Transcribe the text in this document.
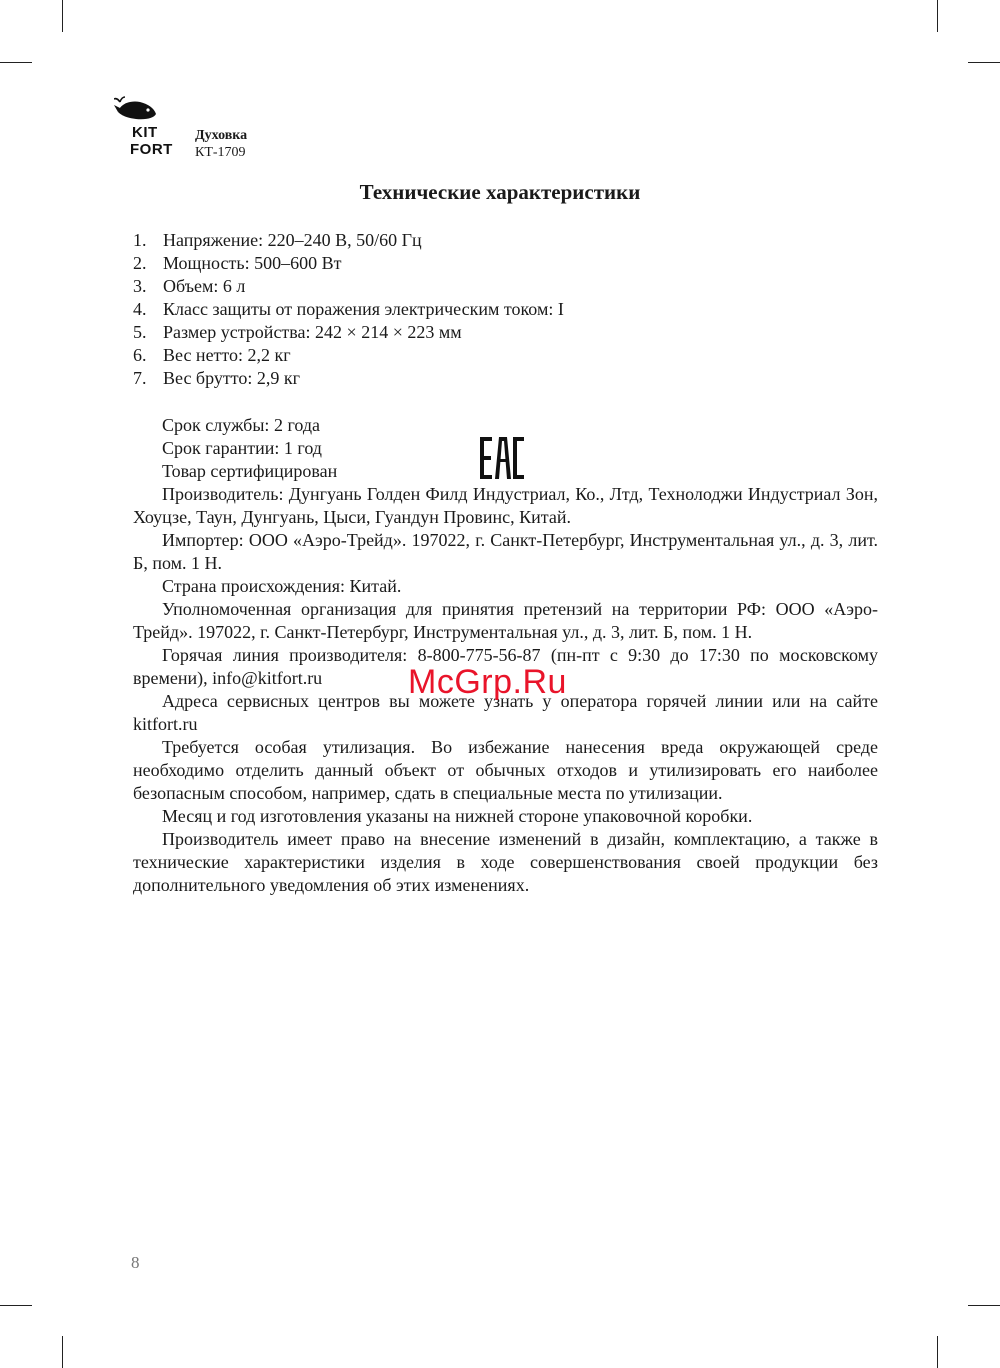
KIT
FORT
Духовка
КТ-1709
Технические характеристики
1. Напряжение: 220–240 В, 50/60 Гц
2. Мощность: 500–600 Вт
3. Объем: 6 л
4. Класс защиты от поражения электрическим током: I
5. Размер устройства: 242 × 214 × 223 мм
6. Вес нетто: 2,2 кг
7. Вес брутто: 2,9 кг

Срок службы: 2 года

Срок гарантии: 1 год

Товар сертифицирован

Производитель: Дунгуань Голден Филд Индустриал, Ко., Лтд, Технолоджи Индустриал Зон, Хоуцзе, Таун, Дунгуань, Цыси, Гуандун Провинс, Китай.

Импортер: ООО «Аэро-Трейд». 197022, г. Санкт-Петербург, Инструментальная ул., д. 3, лит. Б, пом. 1 Н.

Страна происхождения: Китай.

Уполномоченная организация для принятия претензий на территории РФ: ООО «Аэро-Трейд». 197022, г. Санкт-Петербург, Инструментальная ул., д. 3, лит. Б, пом. 1 Н.

Горячая линия производителя: 8-800-775-56-87 (пн-пт с 9:30 до 17:30 по московскому времени), info@kitfort.ru

Адреса сервисных центров вы можете узнать у оператора горячей линии или на сайте kitfort.ru

Требуется особая утилизация. Во избежание нанесения вреда окружающей среде необходимо отделить данный объект от обычных отходов и утилизировать его наиболее безопасным способом, например, сдать в специальные места по утилизации.

Месяц и год изготовления указаны на нижней стороне упаковочной коробки.

Производитель имеет право на внесение изменений в дизайн, комплектацию, а также в технические характеристики изделия в ходе совершенствования своей продукции без дополнительного уведомления об этих изменениях.

McGrp.Ru
8
